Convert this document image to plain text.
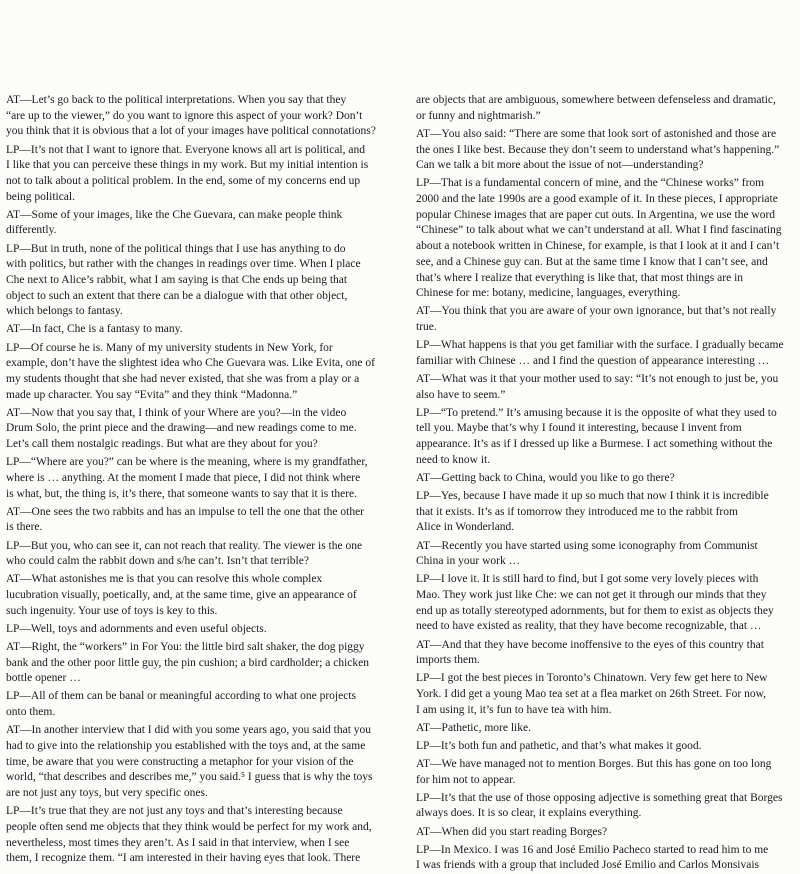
AT—Let’s go back to the political interpretations. When you say that they

“are up to the viewer,” do you want to ignore this aspect of your work? Don’t

you think that it is obvious that a lot of your images have political connotations?

LP—It’s not that I want to ignore that. Everyone knows all art is political, and

I like that you can perceive these things in my work. But my initial intention is

not to talk about a political problem. In the end, some of my concerns end up

being political.

AT—Some of your images, like the Che Guevara, can make people think

differently.

LP—But in truth, none of the political things that I use has anything to do

with politics, but rather with the changes in readings over time. When I place

Che next to Alice’s rabbit, what I am saying is that Che ends up being that

object to such an extent that there can be a dialogue with that other object,

which belongs to fantasy.

AT—In fact, Che is a fantasy to many.

LP—Of course he is. Many of my university students in New York, for

example, don’t have the slightest idea who Che Guevara was. Like Evita, one of

my students thought that she had never existed, that she was from a play or a

made up character. You say “Evita” and they think “Madonna.”

AT—Now that you say that, I think of your Where are you?—in the video

Drum Solo, the print piece and the drawing—and new readings come to me.

Let’s call them nostalgic readings. But what are they about for you?

LP—“Where are you?” can be where is the meaning, where is my grandfather,

where is … anything. At the moment I made that piece, I did not think where

is what, but, the thing is, it’s there, that someone wants to say that it is there.

AT—One sees the two rabbits and has an impulse to tell the one that the other

is there.

LP—But you, who can see it, can not reach that reality. The viewer is the one

who could calm the rabbit down and s/he can’t. Isn’t that terrible?

AT—What astonishes me is that you can resolve this whole complex

lucubration visually, poetically, and, at the same time, give an appearance of

such ingenuity. Your use of toys is key to this.

LP—Well, toys and adornments and even useful objects.

AT—Right, the “workers” in For You: the little bird salt shaker, the dog piggy

bank and the other poor little guy, the pin cushion; a bird cardholder; a chicken

bottle opener …

LP—All of them can be banal or meaningful according to what one projects

onto them.

AT—In another interview that I did with you some years ago, you said that you

had to give into the relationship you established with the toys and, at the same

time, be aware that you were constructing a metaphor for your vision of the

world, “that describes and describes me,” you said.⁵ I guess that is why the toys

are not just any toys, but very specific ones.

LP—It’s true that they are not just any toys and that’s interesting because

people often send me objects that they think would be perfect for my work and,

nevertheless, most times they aren’t. As I said in that interview, when I see

them, I recognize them. “I am interested in their having eyes that look. There

are objects that are ambiguous, somewhere between defenseless and dramatic,

or funny and nightmarish.”

AT—You also said: “There are some that look sort of astonished and those are

the ones I like best. Because they don’t seem to understand what’s happening.”

Can we talk a bit more about the issue of not—understanding?

LP—That is a fundamental concern of mine, and the “Chinese works” from

2000 and the late 1990s are a good example of it. In these pieces, I appropriate

popular Chinese images that are paper cut outs. In Argentina, we use the word

“Chinese” to talk about what we can’t understand at all. What I find fascinating

about a notebook written in Chinese, for example, is that I look at it and I can’t

see, and a Chinese guy can. But at the same time I know that I can’t see, and

that’s where I realize that everything is like that, that most things are in

Chinese for me: botany, medicine, languages, everything.

AT—You think that you are aware of your own ignorance, but that’s not really

true.

LP—What happens is that you get familiar with the surface. I gradually became

familiar with Chinese … and I find the question of appearance interesting …

AT—What was it that your mother used to say: “It’s not enough to just be, you

also have to seem.”

LP—“To pretend.” It’s amusing because it is the opposite of what they used to

tell you. Maybe that’s why I found it interesting, because I invent from

appearance. It’s as if I dressed up like a Burmese. I act something without the

need to know it.

AT—Getting back to China, would you like to go there?

LP—Yes, because I have made it up so much that now I think it is incredible

that it exists. It’s as if tomorrow they introduced me to the rabbit from

Alice in Wonderland.

AT—Recently you have started using some iconography from Communist

China in your work …

LP—I love it. It is still hard to find, but I got some very lovely pieces with

Mao. They work just like Che: we can not get it through our minds that they

end up as totally stereotyped adornments, but for them to exist as objects they

need to have existed as reality, that they have become recognizable, that …

AT—And that they have become inoffensive to the eyes of this country that

imports them.

LP—I got the best pieces in Toronto’s Chinatown. Very few get here to New

York. I did get a young Mao tea set at a flea market on 26th Street. For now,

I am using it, it’s fun to have tea with him.

AT—Pathetic, more like.

LP—It’s both fun and pathetic, and that’s what makes it good.

AT—We have managed not to mention Borges. But this has gone on too long

for him not to appear.

LP—It’s that the use of those opposing adjective is something great that Borges

always does. It is so clear, it explains everything.

AT—When did you start reading Borges?

LP—In Mexico. I was 16 and José Emilio Pacheco started to read him to me

I was friends with a group that included José Emilio and Carlos Monsivais
